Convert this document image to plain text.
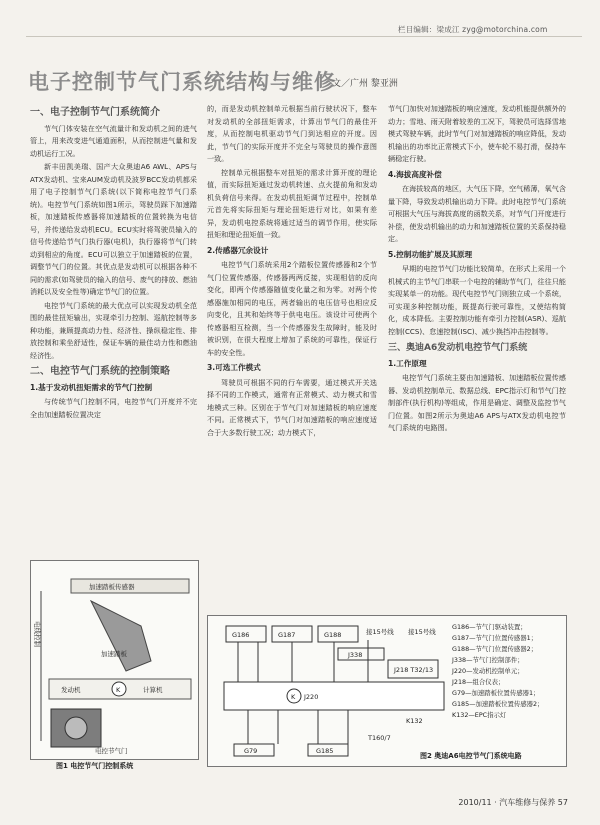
栏目编辑：梁成江 zyg@motorchina.com
电子控制节气门系统结构与维修
文／广州 黎亚洲
一、电子控制节气门系统简介

节气门体安装在空气流量计和发动机之间的进气管上，用来改变进气通道面积，从而控制进气量和发动机运行工况。

新丰田凯美瑞、国产大众奥迪A6 AWL、APS与ATX发动机、宝来AUM发动机及波罗BCC发动机都采用了电子控制节气门系统(以下简称电控节气门系统)。电控节气门系统如图1所示，驾驶员踩下加速踏板，加速踏板传感器将加速踏板的位置转换为电信号，并传递给发动机ECU。ECU实时将驾驶员输入的信号传递给节气门执行器(电机)，执行器将节气门转动到相应的角度。ECU可以独立于加速踏板的位置，调整节气门的位置。其优点是发动机可以根据各种不同的需求(如驾驶员的输入的信号、废气的排放、燃油消耗以及安全性等)确定节气门的位置。

电控节气门系统的最大优点可以实现发动机全范围的最佳扭矩输出，实现牵引力控制、巡航控制等多种功能，兼顾提高动力性、经济性、操纵稳定性、排放控制和乘坐舒适性，保证车辆的最佳动力性和燃油经济性。

二、电控节气门系统的控制策略
1.基于发动机扭矩需求的节气门控制

与传统节气门控制不同，电控节气门开度并不完全由加速踏板位置决定

的，而是发动机控制单元根据当前行驶状况下，整车对发动机的全部扭矩需求，计算出节气门的最佳开度，从而控制电机驱动节气门到达相应的开度。因此，节气门的实际开度并不完全与驾驶员的操作意图一致。

控制单元根据整车对扭矩的需求计算开度的理论值，而实际扭矩通过发动机转速、点火提前角和发动机负荷信号来得。在发动机扭矩调节过程中，控制单元首先将实际扭矩与理论扭矩进行对比，如果有差异，发动机电控系统将通过适当的调节作用，使实际扭矩和理论扭矩值一致。

2.传感器冗余设计

电控节气门系统采用2个踏板位置传感器和2个节气门位置传感器，传感器两两反接，实现相信的反向变化，即两个传感器随值变化量之和为零。对两个传感器施加相同的电压，两者输出的电压信号也相应反向变化，且其和始终等于供电电压。该设计可使两个传感器相互检测，当一个传感器发生故障时，能及时被识别，在很大程度上增加了系统的可靠性，保证行车的安全性。

3.可选工作模式

驾驶员可根据不同的行车需要，通过模式开关选择不同的工作模式，通常有正常模式、动力模式和雪地模式三种。区别在于节气门对加速踏板的响应速度不同。正常模式下，节气门对加速踏板的响应速度适合于大多数行驶工况；动力模式下，

节气门加快对加速踏板的响应速度，发动机能提供额外的动力；雪地、雨天附着较差的工况下，驾驶员可选择雪地模式驾驶车辆，此时节气门对加速踏板的响应降低，发动机输出的功率比正常模式下小，使车轮不易打滑，保持车辆稳定行驶。

4.海拔高度补偿

在海拔较高的地区，大气压下降，空气稀薄，氧气含量下降，导致发动机输出动力下降。此时电控节气门系统可根据大气压与海拔高度的函数关系，对节气门开度进行补偿，使发动机输出的动力和加速踏板位置的关系保持稳定。

5.控制功能扩展及其原理

早期的电控节气门功能比较简单，在形式上采用一个机械式的主节气门串联一个电控的辅助节气门，往往只能实现某单一的功能。现代电控节气门则独立成一个系统，可实现多种控制功能，既提高行驶可靠性，又使结构简化，成本降低。主要控制功能有牵引力控制(ASR)、巡航控制(CCS)、怠速控制(ISC)、减少换挡冲击控制等。

三、奥迪A6发动机电控节气门系统
1.工作原理

电控节气门系统主要由加速踏板、加速踏板位置传感器、发动机控制单元、数据总线、EPC指示灯和节气门控制部件(执行机构)等组成，作用是确定、调整及监控节气门位置。如图2所示为奥迪A6 APS与ATX发动机电控节气门系统的电路图。

加速踏板传感器
加速踏板
发动机	K	计算机
电线控制
电控节气门
图1 电控节气门控制系统
G186	G187	G188	接15号线 接15号线
J338
K J220
J218 T32/13
K132
G79	G185
T160/7
G186—节气门驱动装置；
G187—节气门位置传感器1；
G188—节气门位置传感器2；
J338—节气门控制部件；
J220—发动机控制单元；
J218—组合仪表；
G79—加速踏板位置传感器1；
G185—加速踏板位置传感器2；
K132—EPC指示灯
图2 奥迪A6电控节气门系统电路
2010/11 · 汽车维修与保养 57
